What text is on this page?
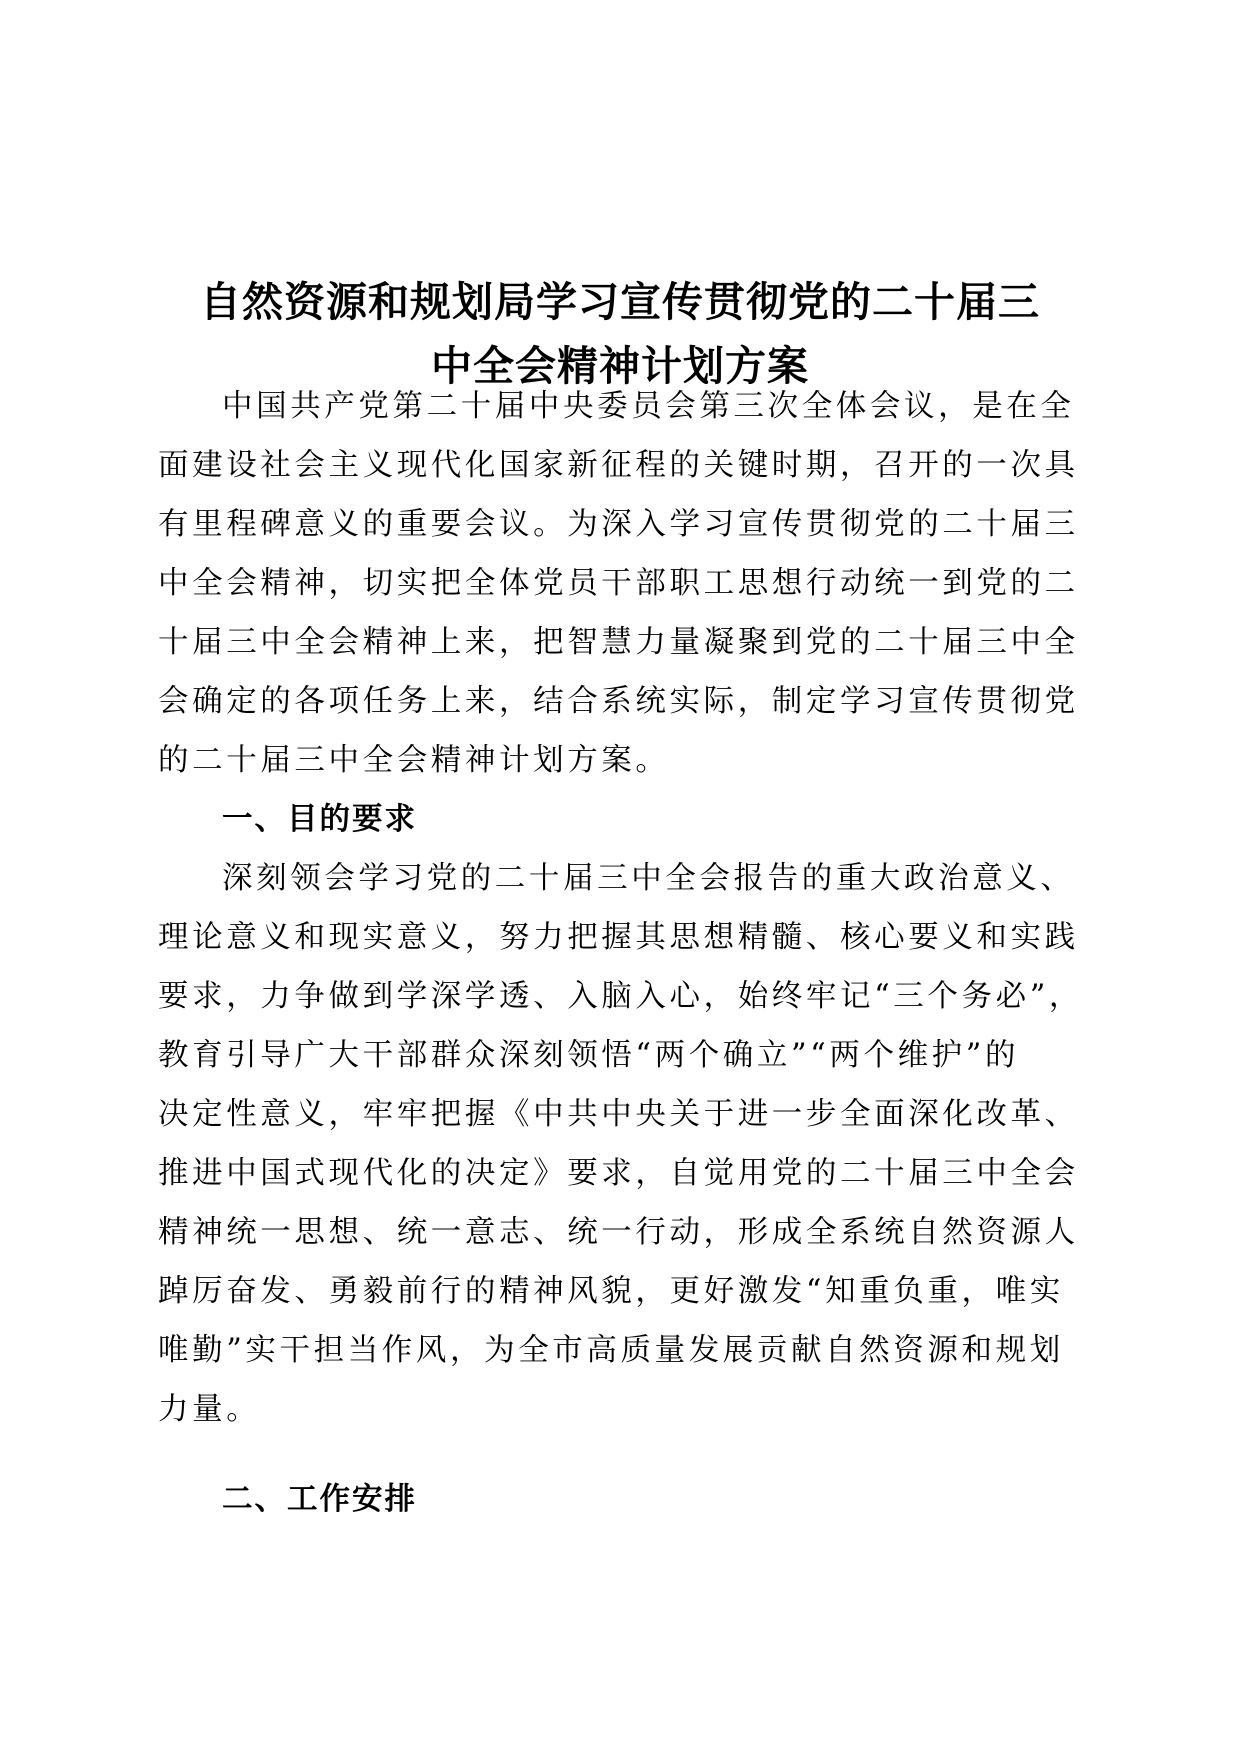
自然资源和规划局学习宣传贯彻党的二十届三
中全会精神计划方案
中国共产党第二十届中央委员会第三次全体会议，是在全
面建设社会主义现代化国家新征程的关键时期，召开的一次具
有里程碑意义的重要会议。为深入学习宣传贯彻党的二十届三
中全会精神，切实把全体党员干部职工思想行动统一到党的二
十届三中全会精神上来，把智慧力量凝聚到党的二十届三中全
会确定的各项任务上来，结合系统实际，制定学习宣传贯彻党
的二十届三中全会精神计划方案。
一、目的要求
深刻领会学习党的二十届三中全会报告的重大政治意义、
理论意义和现实意义，努力把握其思想精髓、核心要义和实践
要求，力争做到学深学透、入脑入心，始终牢记“三个务必”，
教育引导广大干部群众深刻领悟“两个确立”“两个维护”的
决定性意义，牢牢把握《中共中央关于进一步全面深化改革、
推进中国式现代化的决定》要求，自觉用党的二十届三中全会
精神统一思想、统一意志、统一行动，形成全系统自然资源人
踔厉奋发、勇毅前行的精神风貌，更好激发“知重负重，唯实
唯勤”实干担当作风，为全市高质量发展贡献自然资源和规划
力量。
二、工作安排
